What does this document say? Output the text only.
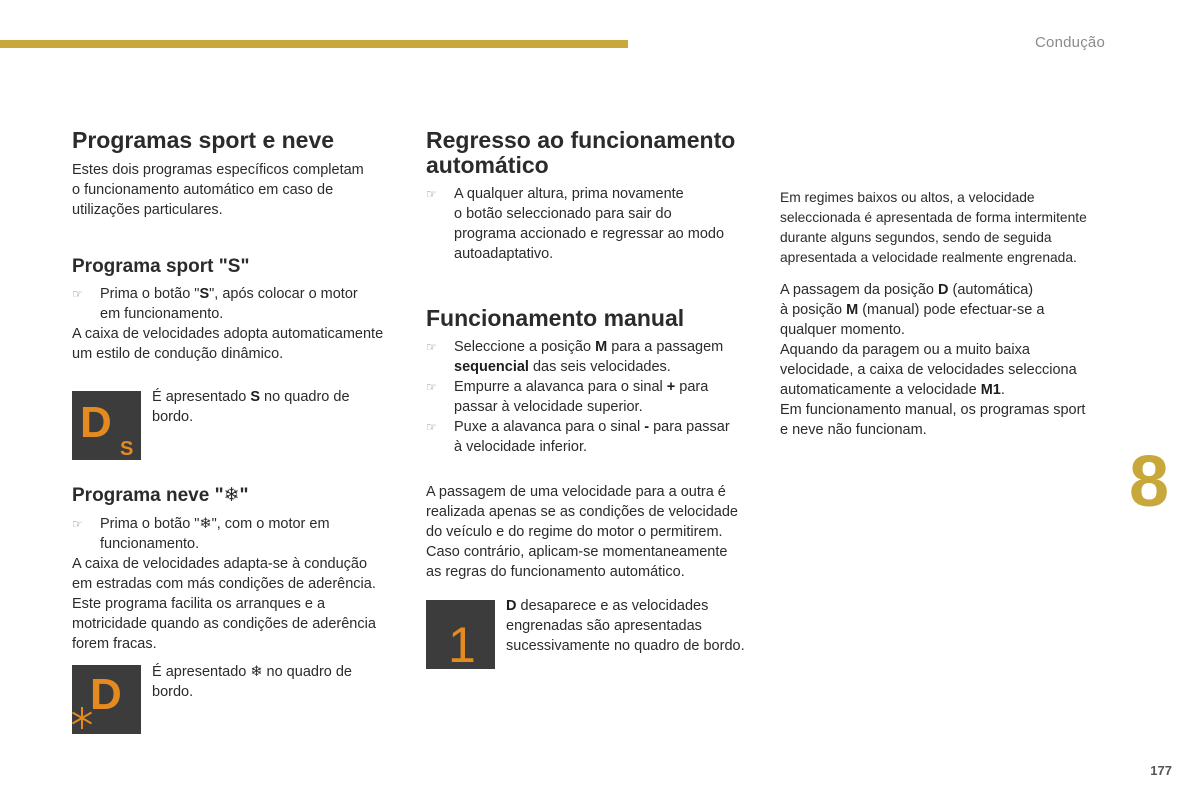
Condução
8
177
Programas sport e neve

Estes dois programas específicos completam

o funcionamento automático em caso de

utilizações particulares.

Programa sport "S"
☞ Prima o botão "S", após colocar o motor
em funcionamento.

A caixa de velocidades adopta automaticamente

um estilo de condução dinâmico.

D
S
É apresentado S no quadro de
bordo.
Programa neve "❄"
☞ Prima o botão "❄", com o motor em
funcionamento.

A caixa de velocidades adapta-se à condução

em estradas com más condições de aderência.

Este programa facilita os arranques e a

motricidade quando as condições de aderência

forem fracas.

D É apresentado ❄ no quadro de
bordo.
Regresso ao funcionamento
automático
☞ A qualquer altura, prima novamente
o botão seleccionado para sair do
programa accionado e regressar ao modo
autoadaptativo.
Funcionamento manual
☞ Seleccione a posição M para a passagem
sequencial das seis velocidades.
☞ Empurre a alavanca para o sinal + para
passar à velocidade superior.
☞ Puxe a alavanca para o sinal - para passar
à velocidade inferior.

A passagem de uma velocidade para a outra é

realizada apenas se as condições de velocidade

do veículo e do regime do motor o permitirem.

Caso contrário, aplicam-se momentaneamente

as regras do funcionamento automático.

1
D desaparece e as velocidades
engrenadas são apresentadas
sucessivamente no quadro de bordo.

Em regimes baixos ou altos, a velocidade

seleccionada é apresentada de forma intermitente

durante alguns segundos, sendo de seguida

apresentada a velocidade realmente engrenada.

A passagem da posição D (automática)

à posição M (manual) pode efectuar-se a

qualquer momento.

Aquando da paragem ou a muito baixa

velocidade, a caixa de velocidades selecciona

automaticamente a velocidade M1.

Em funcionamento manual, os programas sport

e neve não funcionam.
